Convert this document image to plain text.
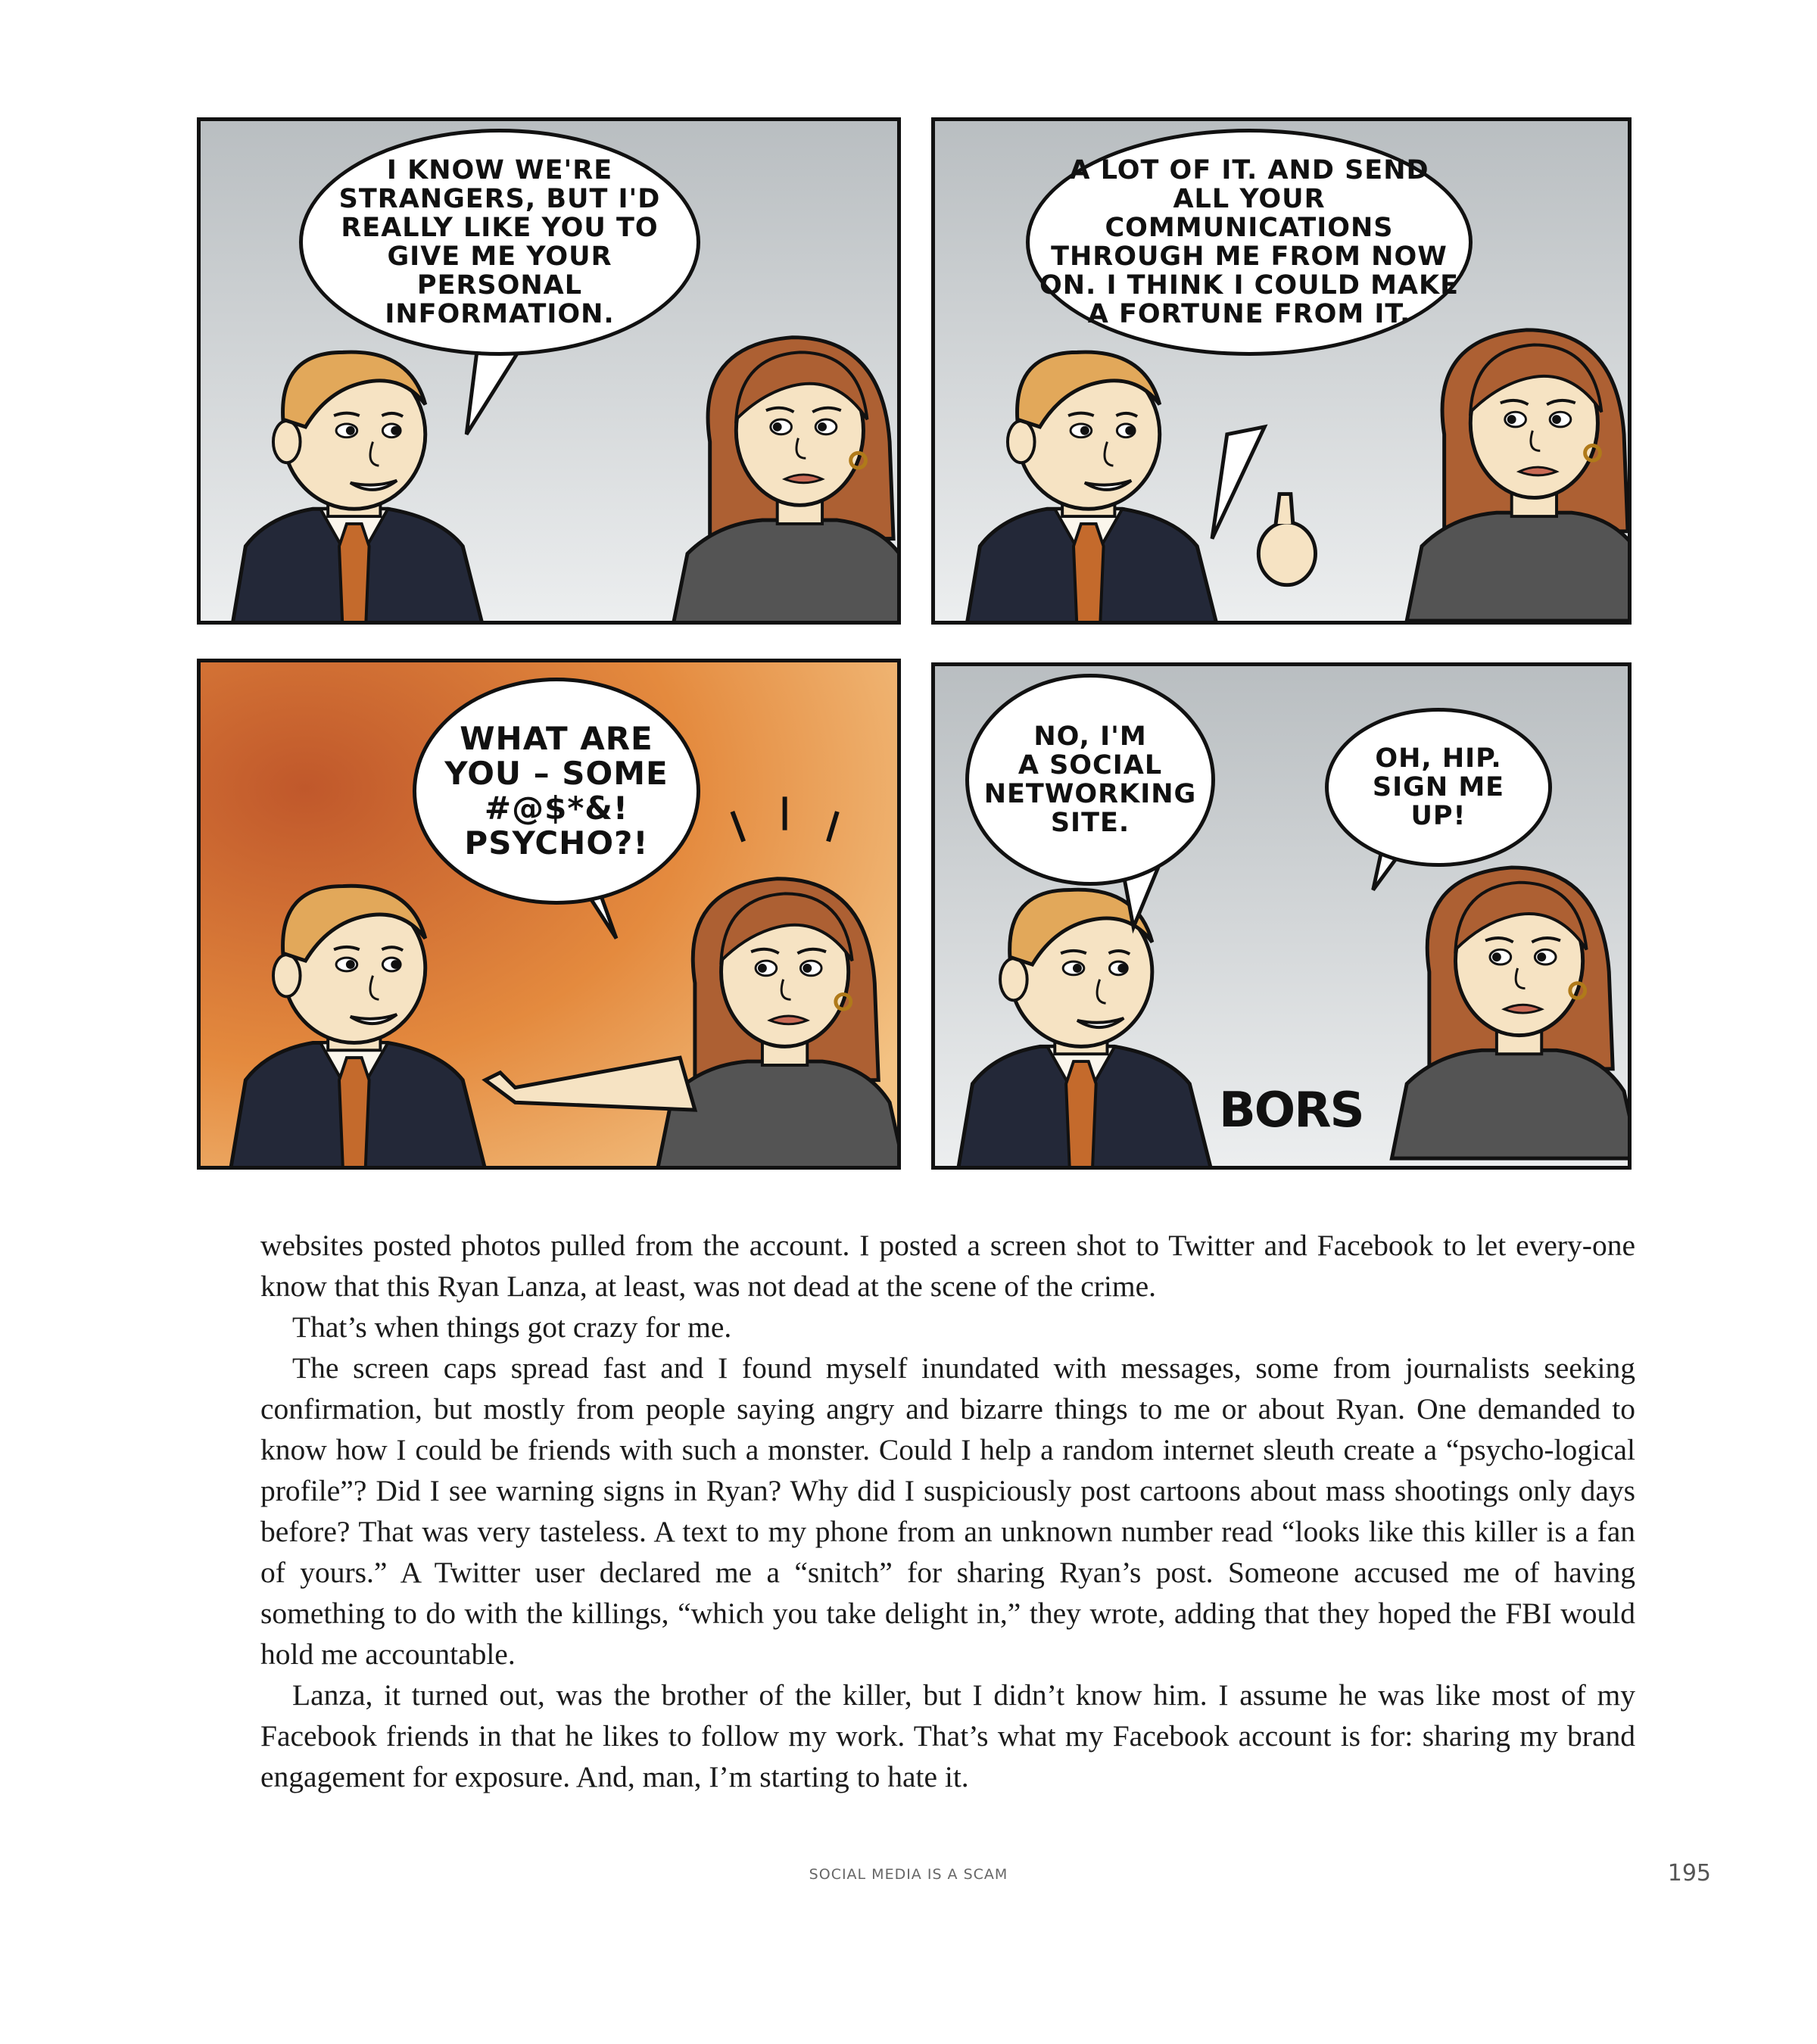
I KNOW WE'RE
STRANGERS, BUT I'D
REALLY LIKE YOU TO
GIVE ME YOUR PERSONAL
INFORMATION.
A LOT OF IT. AND SEND
ALL YOUR COMMUNICATIONS
THROUGH ME FROM NOW
ON. I THINK I COULD MAKE
A FORTUNE FROM IT.
WHAT ARE
YOU – SOME
#@$*&!
PSYCHO?!
NO, I'M
A SOCIAL
NETWORKING
SITE.
OH, HIP.
SIGN ME
UP!
BORS

websites posted photos pulled from the account. I posted a screen shot to Twitter and Facebook to let every-one know that this Ryan Lanza, at least, was not dead at the scene of the crime.

That’s when things got crazy for me.

The screen caps spread fast and I found myself inundated with messages, some from journalists seeking confirmation, but mostly from people saying angry and bizarre things to me or about Ryan. One demanded to know how I could be friends with such a monster. Could I help a random internet sleuth create a “psycho-logical profile”? Did I see warning signs in Ryan? Why did I suspiciously post cartoons about mass shootings only days before? That was very tasteless. A text to my phone from an unknown number read “looks like this killer is a fan of yours.” A Twitter user declared me a “snitch” for sharing Ryan’s post. Someone accused me of having something to do with the killings, “which you take delight in,” they wrote, adding that they hoped the FBI would hold me accountable.

Lanza, it turned out, was the brother of the killer, but I didn’t know him. I assume he was like most of my Facebook friends in that he likes to follow my work. That’s what my Facebook account is for: sharing my brand engagement for exposure. And, man, I’m starting to hate it.

SOCIAL MEDIA IS A SCAM	195
